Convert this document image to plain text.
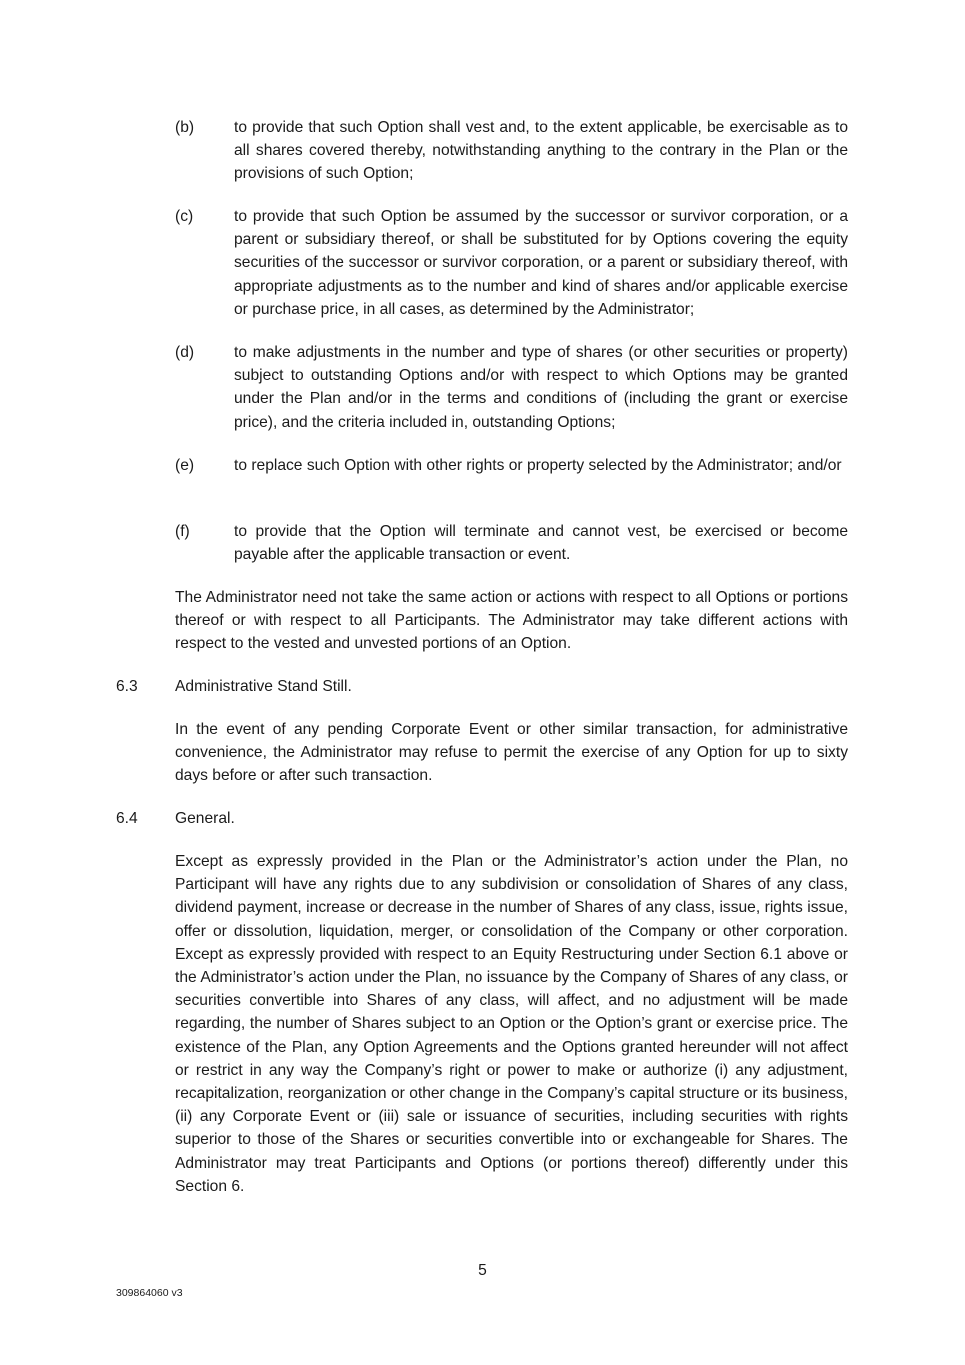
(b)	to provide that such Option shall vest and, to the extent applicable, be exercisable as to all shares covered thereby, notwithstanding anything to the contrary in the Plan or the provisions of such Option;
(c)	to provide that such Option be assumed by the successor or survivor corporation, or a parent or subsidiary thereof, or shall be substituted for by Options covering the equity securities of the successor or survivor corporation, or a parent or subsidiary thereof, with appropriate adjustments as to the number and kind of shares and/or applicable exercise or purchase price, in all cases, as determined by the Administrator;
(d)	to make adjustments in the number and type of shares (or other securities or property) subject to outstanding Options and/or with respect to which Options may be granted under the Plan and/or in the terms and conditions of (including the grant or exercise price), and the criteria included in, outstanding Options;
(e)	to replace such Option with other rights or property selected by the Administrator; and/or
(f)	to provide that the Option will terminate and cannot vest, be exercised or become payable after the applicable transaction or event.

The Administrator need not take the same action or actions with respect to all Options or portions thereof or with respect to all Participants. The Administrator may take different actions with respect to the vested and unvested portions of an Option.

6.3 Administrative Stand Still.

In the event of any pending Corporate Event or other similar transaction, for administrative convenience, the Administrator may refuse to permit the exercise of any Option for up to sixty days before or after such transaction.

6.4 General.

Except as expressly provided in the Plan or the Administrator’s action under the Plan, no Participant will have any rights due to any subdivision or consolidation of Shares of any class, dividend payment, increase or decrease in the number of Shares of any class, issue, rights issue, offer or dissolution, liquidation, merger, or consolidation of the Company or other corporation. Except as expressly provided with respect to an Equity Restructuring under Section 6.1 above or the Administrator’s action under the Plan, no issuance by the Company of Shares of any class, or securities convertible into Shares of any class, will affect, and no adjustment will be made regarding, the number of Shares subject to an Option or the Option’s grant or exercise price. The existence of the Plan, any Option Agreements and the Options granted hereunder will not affect or restrict in any way the Company’s right or power to make or authorize (i) any adjustment, recapitalization, reorganization or other change in the Company’s capital structure or its business, (ii) any Corporate Event or (iii) sale or issuance of securities, including securities with rights superior to those of the Shares or securities convertible into or exchangeable for Shares. The Administrator may treat Participants and Options (or portions thereof) differently under this Section 6.

5
309864060 v3
